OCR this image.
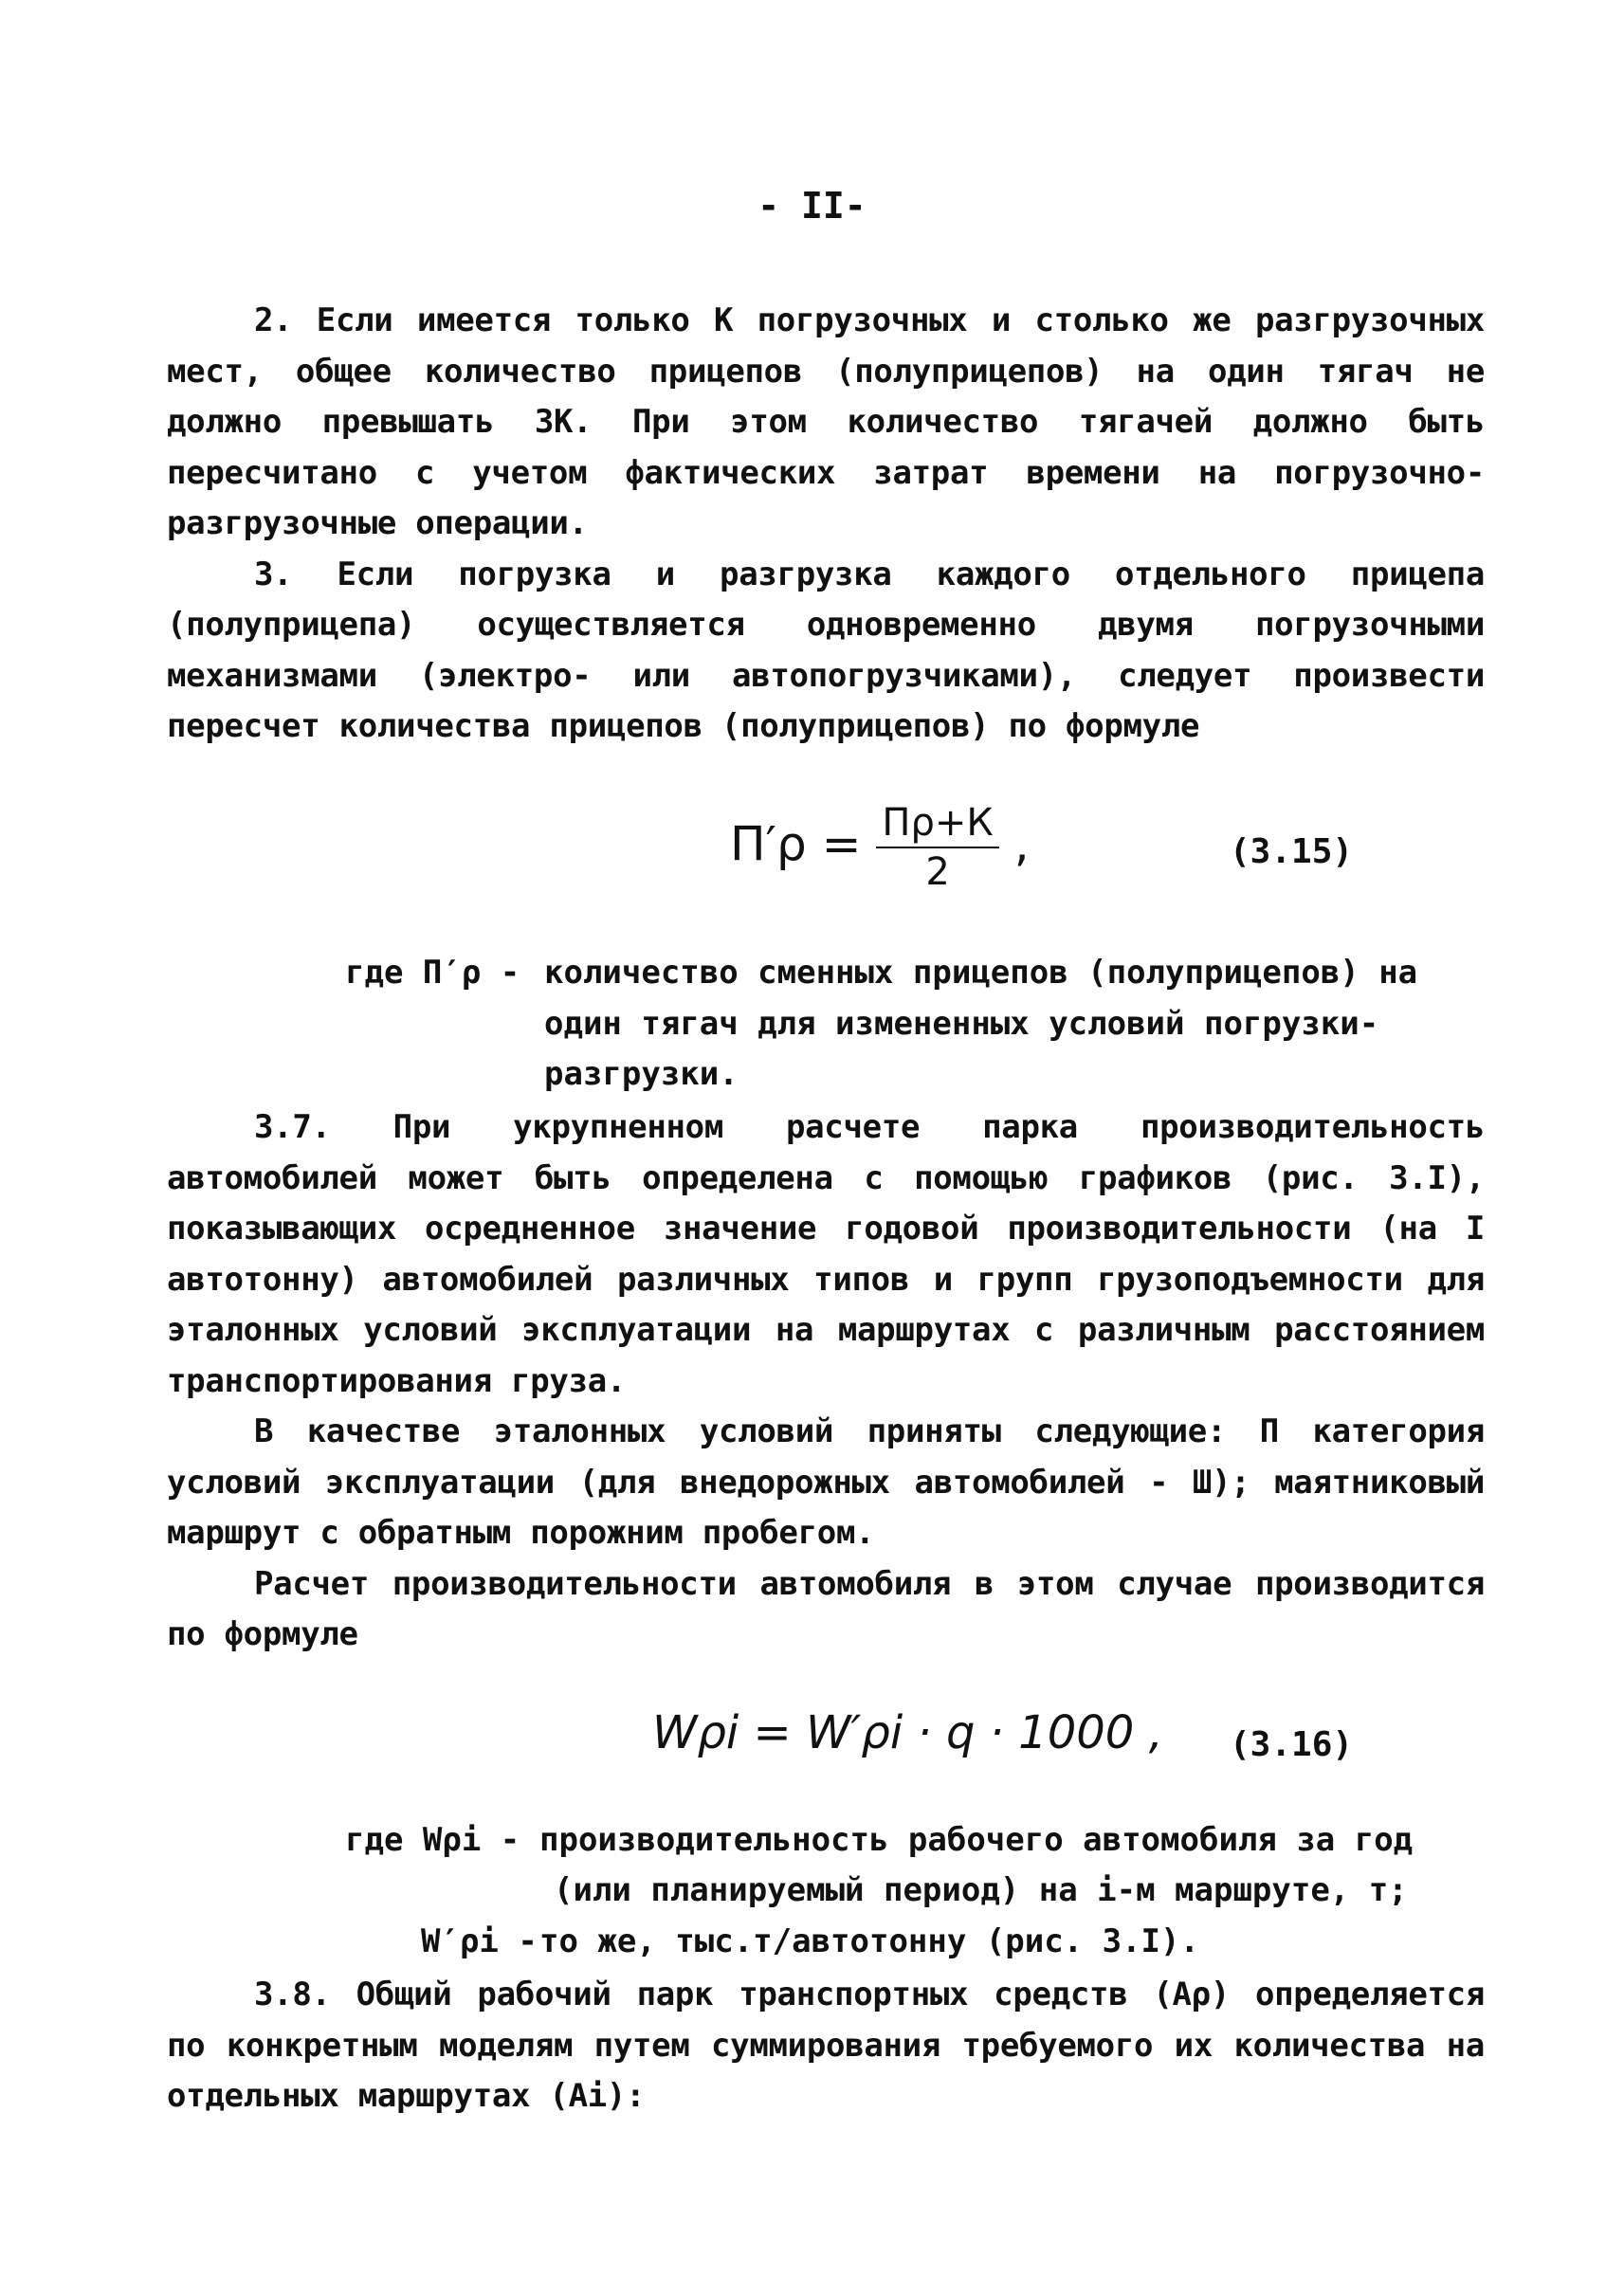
- II-

2. Если имеется только К погрузочных и столько же разгрузочных мест, общее количество прицепов (полуприцепов) на один тягач не должно превышать 3К. При этом количество тягачей должно быть пересчитано с учетом фактических затрат времени на погрузочно-разгрузочные операции.

3. Если погрузка и разгрузка каждого отдельного прицепа (полуприцепа) осуществляется одновременно двумя погрузочными механизмами (электро- или автопогрузчиками), следует произвести пересчет количества прицепов (полуприцепов) по формуле

$П'\rho = \frac{П\rho+К}{2}$ ,	(3.15)
где П′ρ - количество сменных прицепов (полуприцепов) на один тягач для измененных условий погрузки-разгрузки.

3.7. При укрупненном расчете парка производительность автомобилей может быть определена с помощью графиков (рис. 3.I), показывающих осредненное значение годовой производительности (на I автотонну) автомобилей различных типов и групп грузоподъемности для эталонных условий эксплуатации на маршрутах с различным расстоянием транспортирования груза.

В качестве эталонных условий приняты следующие: П категория условий эксплуатации (для внедорожных автомобилей - Ш); маятниковый маршрут с обратным порожним пробегом.

Расчет производительности автомобиля в этом случае производится по формуле

Wρi = W′ρi · q · 1000 , (3.16)
где Wρi - производительность рабочего автомобиля за год
(или планируемый период) на i-м маршруте, т;
W′ρi - то же, тыс.т/автотонну (рис. 3.I).

3.8. Общий рабочий парк транспортных средств (Аρ) определяется по конкретным моделям путем суммирования требуемого их количества на отдельных маршрутах (Аi):
